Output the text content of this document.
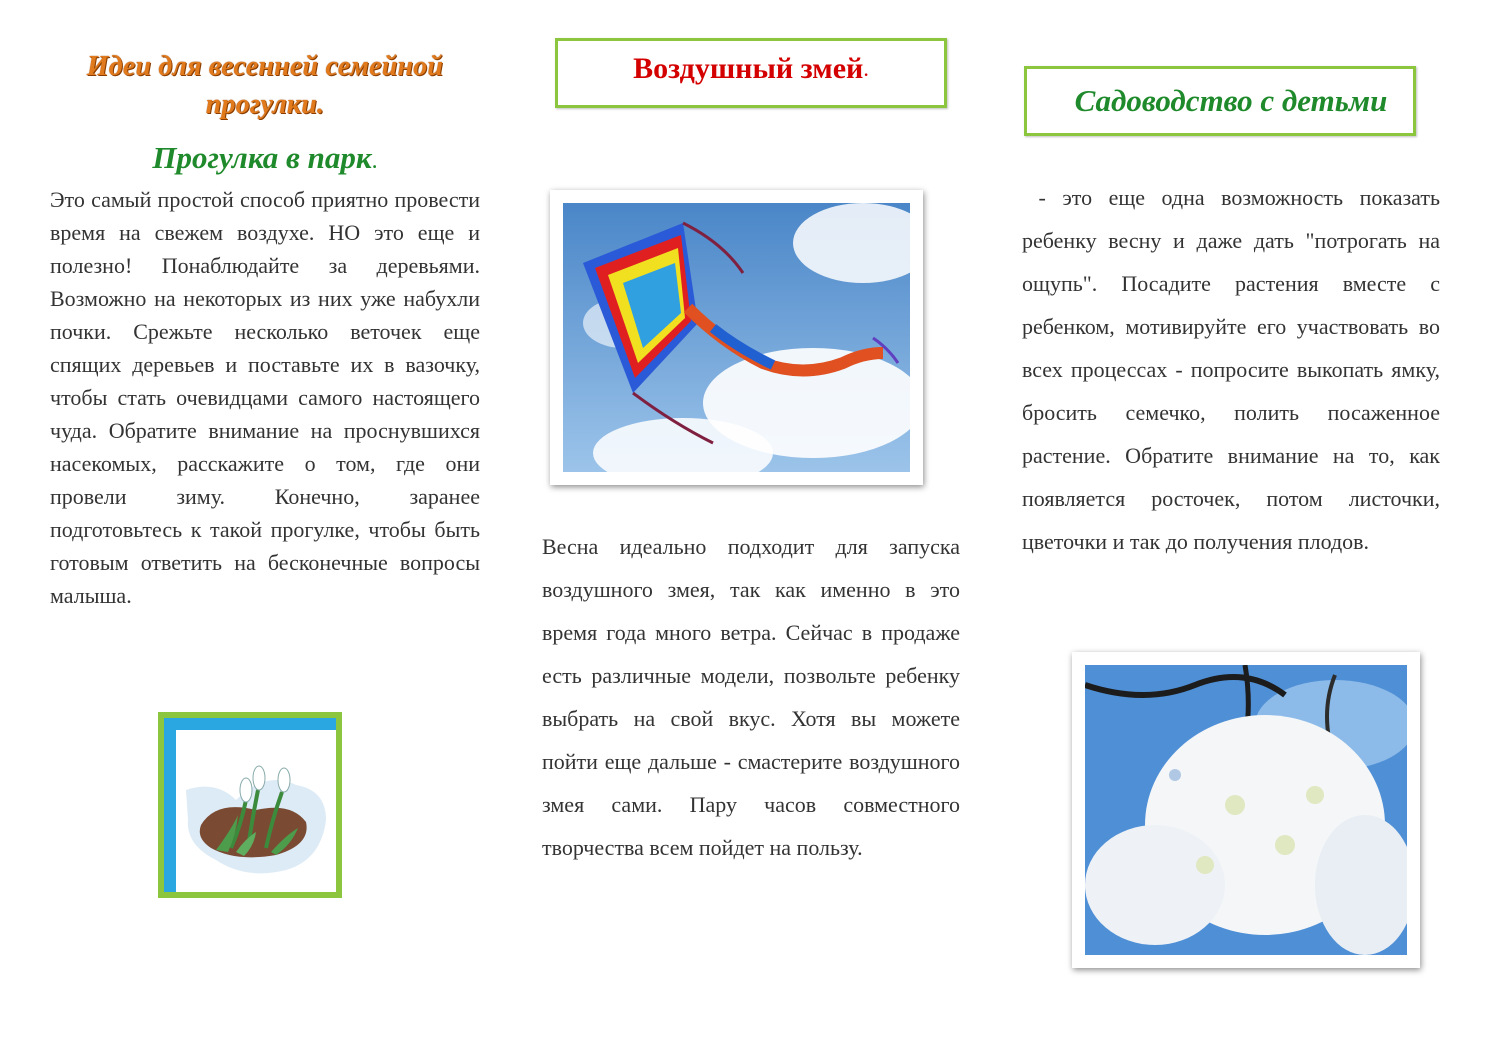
Идеи для весенней семейной прогулки.
Прогулка в парк.

Это самый простой способ приятно провести время на свежем воздухе. НО это еще и полезно! Понаблюдайте за деревьями. Возможно на некоторых из них уже набухли почки. Срежьте несколько веточек еще спящих деревьев и поставьте их в вазочку, чтобы стать очевидцами самого настоящего чуда. Обратите внимание на проснувшихся насекомых, расскажите о том, где они провели зиму. Конечно, заранее подготовьтесь к такой прогулке, чтобы быть готовым ответить на бесконечные вопросы малыша.

Воздушный змей .

Весна идеально подходит для запуска воздушного змея, так как именно в это время года много ветра. Сейчас в продаже есть различные модели, позвольте ребенку выбрать на свой вкус. Хотя вы можете пойти еще дальше - смастерите воздушного змея сами. Пару часов совместного творчества всем пойдет на пользу.

Садоводство с детьми

- это еще одна возможность показать ребенку весну и даже дать "потрогать на ощупь". Посадите растения вместе с ребенком, мотивируйте его участвовать во всех процессах - попросите выкопать ямку, бросить семечко, полить посаженное растение. Обратите внимание на то, как появляется росточек, потом листочки, цветочки и так до получения плодов.
